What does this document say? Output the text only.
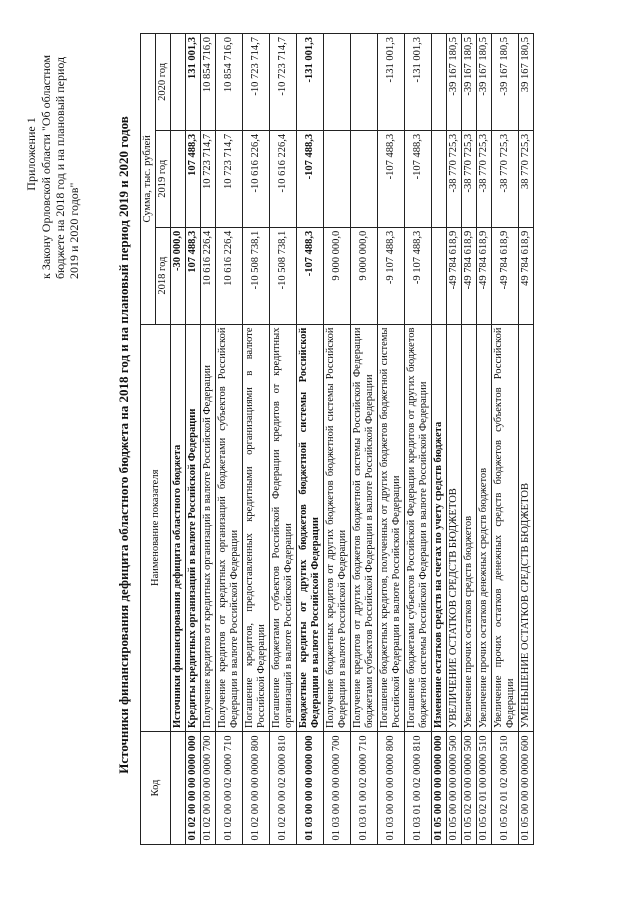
Приложение 1 к Закону Орловской области "Об областном бюджете на 2018 год и на плановый период 2019 и 2020 годов"	Источники финансирования дефицита областного бюджета на 2018 год и на плановый период 2019 и 2020 годов
Код	Наименование показателя	Сумма, тыс. рублей		
		2018 год	2019 год	2020 год
	Источники финансирования дефицита областного бюджета	-30 000,0		
01 02 00 00 00 0000 000	Кредиты кредитных организаций в валюте Российской Федерации	107 488,3	107 488,3	131 001,3
01 02 00 00 00 0000 700	Получение кредитов от кредитных организаций в валюте Российской Федерации	10 616 226,4	10 723 714,7	10 854 716,0
01 02 00 00 02 0000 710	Получение кредитов от кредитных организаций бюджетами субъектов Российской Федерации в валюте Российской Федерации	10 616 226,4	10 723 714,7	10 854 716,0
01 02 00 00 00 0000 800	Погашение кредитов, предоставленных кредитными организациями в валюте Российской Федерации	-10 508 738,1	-10 616 226,4	-10 723 714,7
01 02 00 00 02 0000 810	Погашение бюджетами субъектов Российской Федерации кредитов от кредитных организаций в валюте Российской Федерации	-10 508 738,1	-10 616 226,4	-10 723 714,7
01 03 00 00 00 0000 000	Бюджетные кредиты от других бюджетов бюджетной системы Российской Федерации в валюте Российской Федерации	-107 488,3	-107 488,3	-131 001,3
01 03 00 00 00 0000 700	Получение бюджетных кредитов от других бюджетов бюджетной системы Российской Федерации в валюте Российской Федерации	9 000 000,0		
01 03 01 00 02 0000 710	Получение кредитов от других бюджетов бюджетной системы Российской Федерации бюджетами субъектов Российской Федерации в валюте Российской Федерации	9 000 000,0		
01 03 00 00 00 0000 800	Погашение бюджетных кредитов, полученных от других бюджетов бюджетной системы Российской Федерации в валюте Российской Федерации	-9 107 488,3	-107 488,3	-131 001,3
01 03 01 00 02 0000 810	Погашение бюджетами субъектов Российской Федерации кредитов от других бюджетов бюджетной системы Российской Федерации в валюте Российской Федерации	-9 107 488,3	-107 488,3	-131 001,3
01 05 00 00 00 0000 000	Изменение остатков средств на счетах по учету средств бюджета			
01 05 00 00 00 0000 500	УВЕЛИЧЕНИЕ ОСТАТКОВ СРЕДСТВ БЮДЖЕТОВ	-49 784 618,9	-38 770 725,3	-39 167 180,5
01 05 02 00 00 0000 500	Увеличение прочих остатков средств бюджетов	-49 784 618,9	-38 770 725,3	-39 167 180,5
01 05 02 01 00 0000 510	Увеличение прочих остатков денежных средств бюджетов	-49 784 618,9	-38 770 725,3	-39 167 180,5
01 05 02 01 02 0000 510	Увеличение прочих остатков денежных средств бюджетов субъектов Российской Федерации	-49 784 618,9	-38 770 725,3	-39 167 180,5
01 05 00 00 00 0000 600	УМЕНЬШЕНИЕ ОСТАТКОВ СРЕДСТВ БЮДЖЕТОВ	49 784 618,9	38 770 725,3	39 167 180,5
